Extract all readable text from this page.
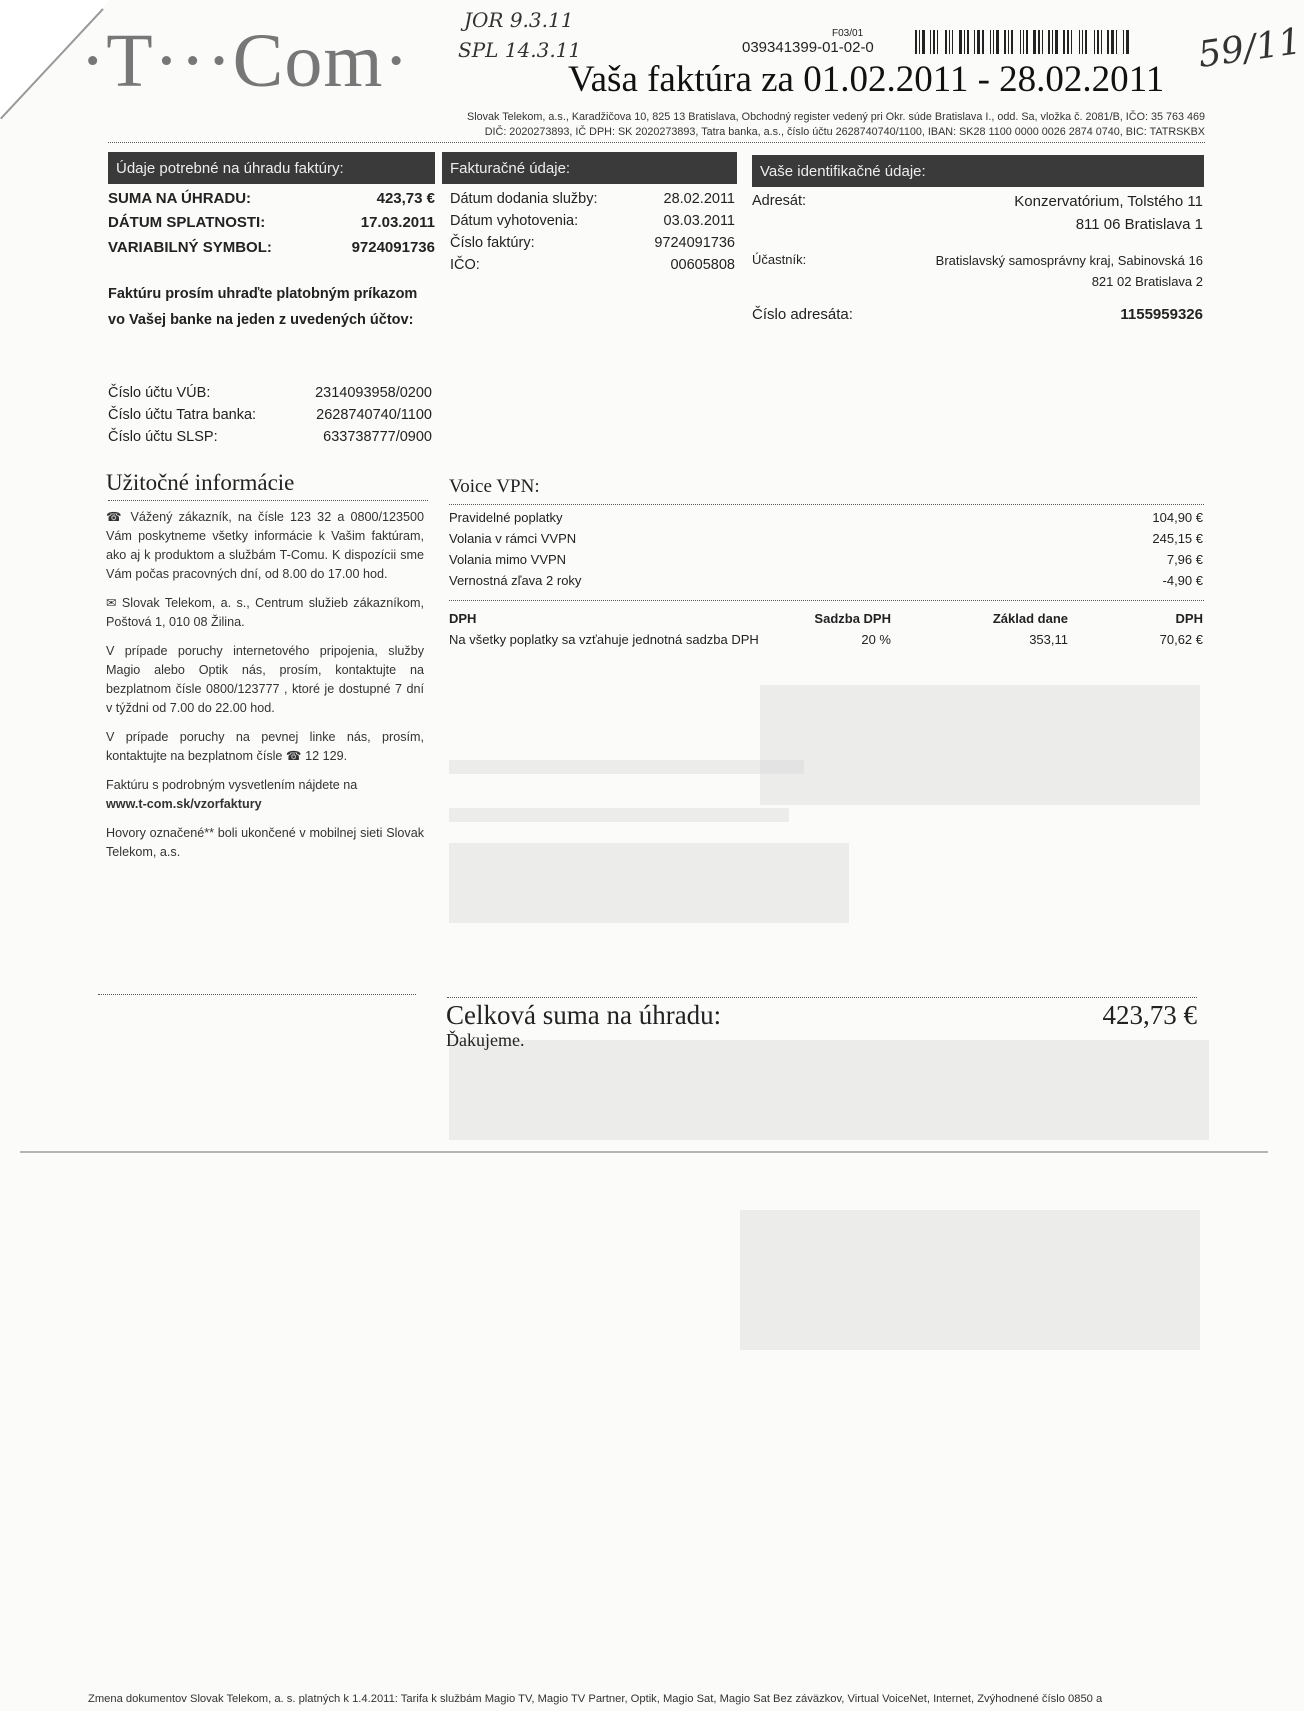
·T···Com·	JOR 9.3.11
SPL 14.3.11	59/11
F03/01
039341399-01-02-0
Vaša faktúra za 01.02.2011 - 28.02.2011
Slovak Telekom, a.s., Karadžičova 10, 825 13 Bratislava, Obchodný register vedený pri Okr. súde Bratislava I., odd. Sa, vložka č. 2081/B, IČO: 35 763 469
DIČ: 2020273893, IČ DPH: SK 2020273893, Tatra banka, a.s., číslo účtu 2628740740/1100, IBAN: SK28 1100 0000 0026 2874 0740, BIC: TATRSKBX
Údaje potrebné na úhradu faktúry:	Fakturačné údaje:	Vaše identifikačné údaje:
SUMA NA ÚHRADU:	423,73 €
DÁTUM SPLATNOSTI:	17.03.2011
VARIABILNÝ SYMBOL:	9724091736
Faktúru prosím uhraďte platobným príkazom
vo Vašej banke na jeden z uvedených účtov:
Číslo účtu VÚB:	2314093958/0200
Číslo účtu Tatra banka:	2628740740/1100
Číslo účtu SLSP:	633738777/0900
Dátum dodania služby:	28.02.2011
Dátum vyhotovenia:	03.03.2011
Číslo faktúry:	9724091736
IČO:	00605808
Adresát:	Konzervatórium, Tolstého 11
811 06 Bratislava 1
Účastník:	Bratislavský samosprávny kraj, Sabinovská 16
821 02 Bratislava 2
Číslo adresáta:	1155959326
Užitočné informácie

☎ Vážený zákazník, na čísle 123 32 a 0800/123500 Vám poskytneme všetky informácie k Vašim faktúram, ako aj k produktom a službám T-Comu. K dispozícii sme Vám počas pracovných dní, od 8.00 do 17.00 hod.

✉ Slovak Telekom, a. s., Centrum služieb zákazníkom, Poštová 1, 010 08 Žilina.

V prípade poruchy internetového pripojenia, služby Magio alebo Optik nás, prosím, kontaktujte na bezplatnom čísle 0800/123777 , ktoré je dostupné 7 dní v týždni od 7.00 do 22.00 hod.

V prípade poruchy na pevnej linke nás, prosím, kontaktujte na bezplatnom čísle ☎ 12 129.

Faktúru s podrobným vysvetlením nájdete na
www.t-com.sk/vzorfaktury

Hovory označené** boli ukončené v mobilnej sieti Slovak Telekom, a.s.

Voice VPN:
Pravidelné poplatky	104,90 €
Volania v rámci VVPN	245,15 €
Volania mimo VVPN	7,96 €
Vernostná zľava 2 roky	-4,90 €
DPH	Sadzba DPH	Základ dane	DPH
Na všetky poplatky sa vzťahuje jednotná sadzba DPH	20 %	353,11	70,62 €
Celková suma na úhradu:	423,73 €
Ďakujeme.
Zmena dokumentov Slovak Telekom, a. s. platných k 1.4.2011: Tarifa k službám Magio TV, Magio TV Partner, Optik, Magio Sat, Magio Sat Bez záväzkov, Virtual VoiceNet, Internet, Zvýhodnené číslo 0850 a
